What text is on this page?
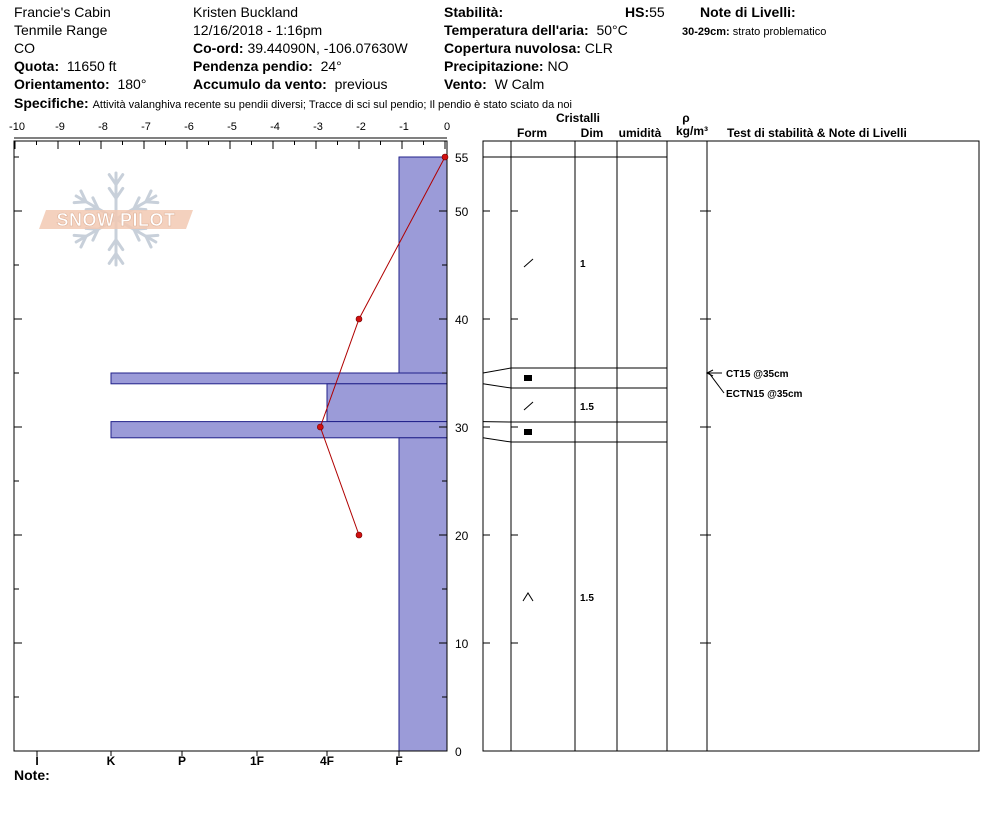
Francie's Cabin
Tenmile Range
CO
Quota: 11650 ft
Orientamento: 180°
Kristen Buckland
12/16/2018 - 1:16pm
Co-ord: 39.44090N, -106.07630W
Pendenza pendio: 24°
Accumulo da vento: previous
Stabilità:	HS:55
Temperatura dell'aria: 50°C
Copertura nuvolosa: CLR
Precipitazione: NO
Vento: W Calm
Note di Livelli:
30-29cm: strato problematico
Specifiche: Attività valanghiva recente su pendii diversi; Tracce di sci sul pendio; Il pendio è stato sciato da noi
Note:
SNOW PILOT
-10	-9	-8	-7	-6	-5	-4	-3	-2	-1	0
0
10
20
30
40
55
50
I	K	P	1F	4F	F
Cristalli
Form	Dim umidità
ρ
kg/m³ Test di stabilità & Note di Livelli
1
1.5
1.5
CT15 @35cm
ECTN15 @35cm
